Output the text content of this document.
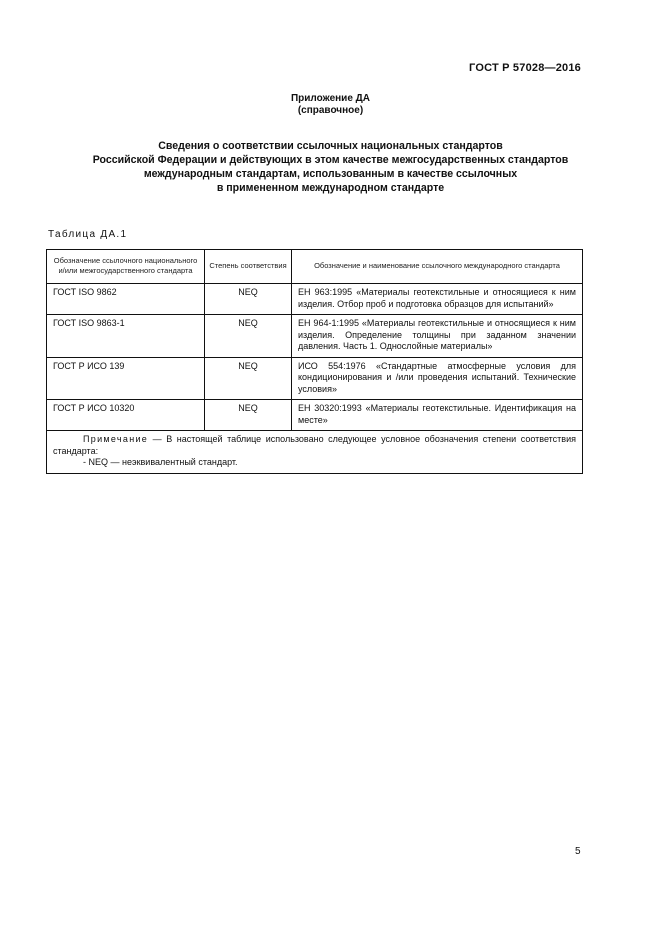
ГОСТ Р 57028—2016
Приложение ДА
(справочное)
Сведения о соответствии ссылочных национальных стандартов
Российской Федерации и действующих в этом качестве межгосударственных стандартов
международным стандартам, использованным в качестве ссылочных
в примененном международном стандарте
Таблица ДА.1
Обозначение ссылочного национального и/или межгосударственного стандарта	Степень соответствия	Обозначение и наименование ссылочного международного стандарта
ГОСТ ISO 9862	NEQ	ЕН 963:1995 «Материалы геотекстильные и относящиеся к ним изделия. Отбор проб и подготовка образцов для испытаний»
ГОСТ ISO 9863-1	NEQ	ЕН 964-1:1995 «Материалы геотекстильные и относящиеся к ним изделия. Определение толщины при заданном значении давления. Часть 1. Однослойные материалы»
ГОСТ Р ИСО 139	NEQ	ИСО 554:1976 «Стандартные атмосферные условия для кондиционирования и /или проведения испытаний. Технические условия»
ГОСТ Р ИСО 10320	NEQ	ЕН 30320:1993 «Материалы геотекстильные. Идентификация на месте»
Примечание — В настоящей таблице использовано следующее условное обозначения степени соответствия стандарта:
- NEQ — неэквивалентный стандарт.		
5
